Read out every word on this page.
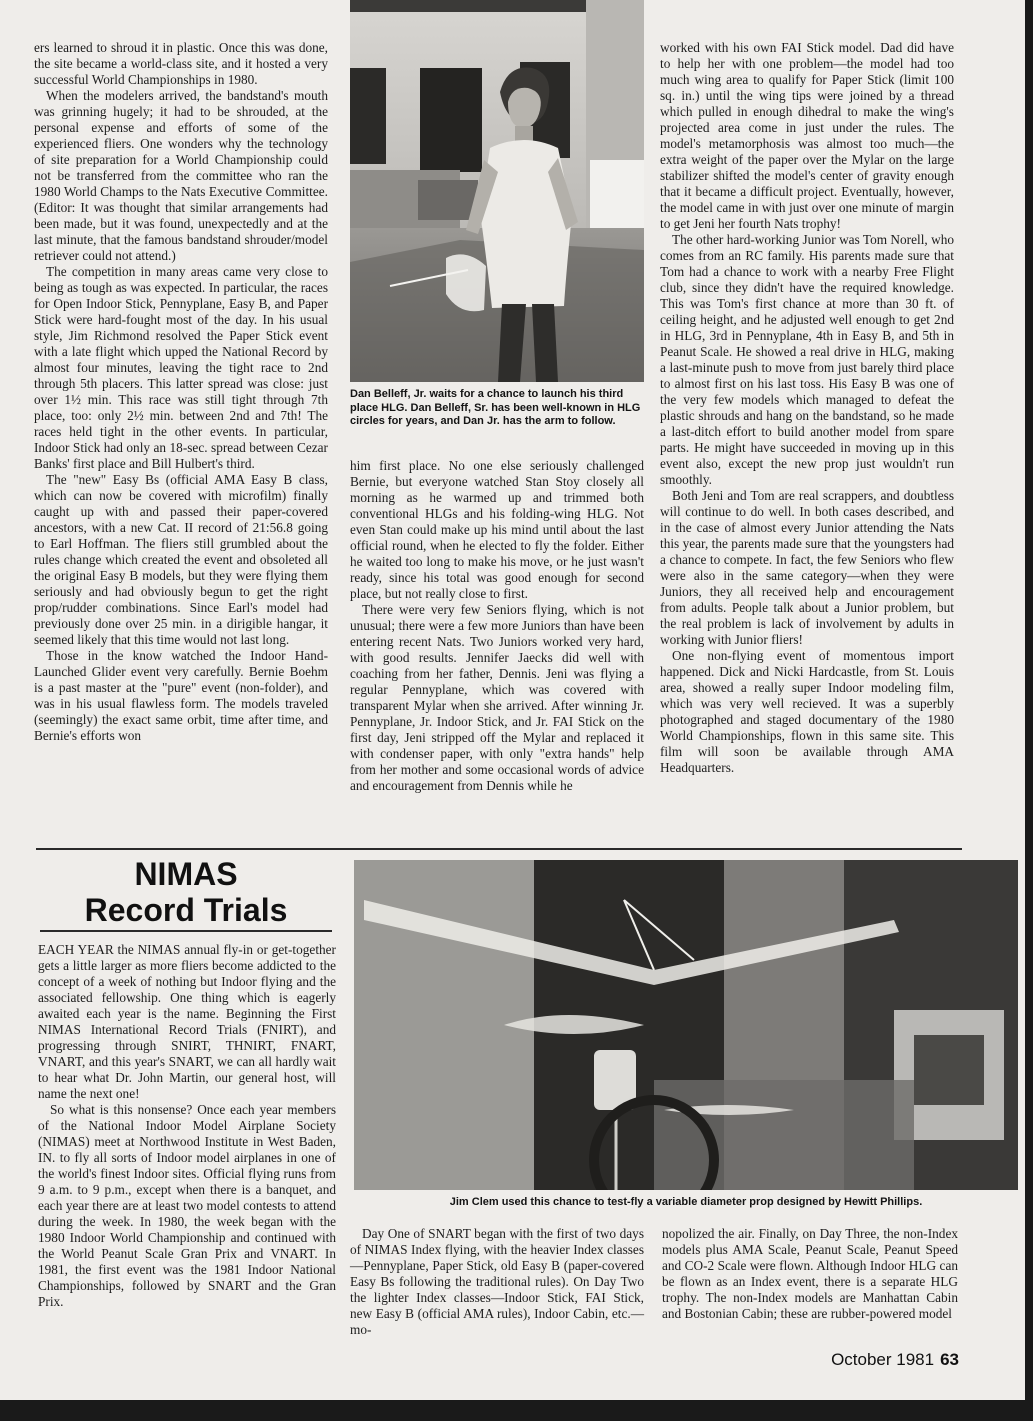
ers learned to shroud it in plastic. Once this was done, the site became a world-class site, and it hosted a very successful World Championships in 1980.

When the modelers arrived, the bandstand's mouth was grinning hugely; it had to be shrouded, at the personal expense and efforts of some of the experienced fliers. One wonders why the technology of site preparation for a World Championship could not be transferred from the committee who ran the 1980 World Champs to the Nats Executive Committee. (Editor: It was thought that similar arrangements had been made, but it was found, unexpectedly and at the last minute, that the famous bandstand shrouder/model retriever could not attend.)

The competition in many areas came very close to being as tough as was expected. In particular, the races for Open Indoor Stick, Pennyplane, Easy B, and Paper Stick were hard-fought most of the day. In his usual style, Jim Richmond resolved the Paper Stick event with a late flight which upped the National Record by almost four minutes, leaving the tight race to 2nd through 5th placers. This latter spread was close: just over 1½ min. This race was still tight through 7th place, too: only 2½ min. between 2nd and 7th! The races held tight in the other events. In particular, Indoor Stick had only an 18-sec. spread between Cezar Banks' first place and Bill Hulbert's third.

The "new" Easy Bs (official AMA Easy B class, which can now be covered with microfilm) finally caught up with and passed their paper-covered ancestors, with a new Cat. II record of 21:56.8 going to Earl Hoffman. The fliers still grumbled about the rules change which created the event and obsoleted all the original Easy B models, but they were flying them seriously and had obviously begun to get the right prop/rudder combinations. Since Earl's model had previously done over 25 min. in a dirigible hangar, it seemed likely that this time would not last long.

Those in the know watched the Indoor Hand-Launched Glider event very carefully. Bernie Boehm is a past master at the "pure" event (non-folder), and was in his usual flawless form. The models traveled (seemingly) the exact same orbit, time after time, and Bernie's efforts won

Dan Belleff, Jr. waits for a chance to launch his third place HLG. Dan Belleff, Sr. has been well-known in HLG circles for years, and Dan Jr. has the arm to follow.

him first place. No one else seriously challenged Bernie, but everyone watched Stan Stoy closely all morning as he warmed up and trimmed both conventional HLGs and his folding-wing HLG. Not even Stan could make up his mind until about the last official round, when he elected to fly the folder. Either he waited too long to make his move, or he just wasn't ready, since his total was good enough for second place, but not really close to first.

There were very few Seniors flying, which is not unusual; there were a few more Juniors than have been entering recent Nats. Two Juniors worked very hard, with good results. Jennifer Jaecks did well with coaching from her father, Dennis. Jeni was flying a regular Pennyplane, which was covered with transparent Mylar when she arrived. After winning Jr. Pennyplane, Jr. Indoor Stick, and Jr. FAI Stick on the first day, Jeni stripped off the Mylar and replaced it with condenser paper, with only "extra hands" help from her mother and some occasional words of advice and encouragement from Dennis while he

worked with his own FAI Stick model. Dad did have to help her with one problem—the model had too much wing area to qualify for Paper Stick (limit 100 sq. in.) until the wing tips were joined by a thread which pulled in enough dihedral to make the wing's projected area come in just under the rules. The model's metamorphosis was almost too much—the extra weight of the paper over the Mylar on the large stabilizer shifted the model's center of gravity enough that it became a difficult project. Eventually, however, the model came in with just over one minute of margin to get Jeni her fourth Nats trophy!

The other hard-working Junior was Tom Norell, who comes from an RC family. His parents made sure that Tom had a chance to work with a nearby Free Flight club, since they didn't have the required knowledge. This was Tom's first chance at more than 30 ft. of ceiling height, and he adjusted well enough to get 2nd in HLG, 3rd in Pennyplane, 4th in Easy B, and 5th in Peanut Scale. He showed a real drive in HLG, making a last-minute push to move from just barely third place to almost first on his last toss. His Easy B was one of the very few models which managed to defeat the plastic shrouds and hang on the bandstand, so he made a last-ditch effort to build another model from spare parts. He might have succeeded in moving up in this event also, except the new prop just wouldn't run smoothly.

Both Jeni and Tom are real scrappers, and doubtless will continue to do well. In both cases described, and in the case of almost every Junior attending the Nats this year, the parents made sure that the youngsters had a chance to compete. In fact, the few Seniors who flew were also in the same category—when they were Juniors, they all received help and encouragement from adults. People talk about a Junior problem, but the real problem is lack of involvement by adults in working with Junior fliers!

One non-flying event of momentous import happened. Dick and Nicki Hardcastle, from St. Louis area, showed a really super Indoor modeling film, which was very well recieved. It was a superbly photographed and staged documentary of the 1980 World Championships, flown in this same site. This film will soon be available through AMA Headquarters.

NIMAS
Record Trials

EACH YEAR the NIMAS annual fly-in or get-together gets a little larger as more fliers become addicted to the concept of a week of nothing but Indoor flying and the associated fellowship. One thing which is eagerly awaited each year is the name. Beginning the First NIMAS International Record Trials (FNIRT), and progressing through SNIRT, THNIRT, FNART, VNART, and this year's SNART, we can all hardly wait to hear what Dr. John Martin, our general host, will name the next one!

So what is this nonsense? Once each year members of the National Indoor Model Airplane Society (NIMAS) meet at Northwood Institute in West Baden, IN. to fly all sorts of Indoor model airplanes in one of the world's finest Indoor sites. Official flying runs from 9 a.m. to 9 p.m., except when there is a banquet, and each year there are at least two model contests to attend during the week. In 1980, the week began with the 1980 Indoor World Championship and continued with the World Peanut Scale Gran Prix and VNART. In 1981, the first event was the 1981 Indoor National Championships, followed by SNART and the Gran Prix.

Jim Clem used this chance to test-fly a variable diameter prop designed by Hewitt Phillips.

Day One of SNART began with the first of two days of NIMAS Index flying, with the heavier Index classes—Pennyplane, Paper Stick, old Easy B (paper-covered Easy Bs following the traditional rules). On Day Two the lighter Index classes—Indoor Stick, FAI Stick, new Easy B (official AMA rules), Indoor Cabin, etc.—mo-

nopolized the air. Finally, on Day Three, the non-Index models plus AMA Scale, Peanut Scale, Peanut Speed and CO-2 Scale were flown. Although Indoor HLG can be flown as an Index event, there is a separate HLG trophy. The non-Index models are Manhattan Cabin and Bostonian Cabin; these are rubber-powered model

October 1981 63
